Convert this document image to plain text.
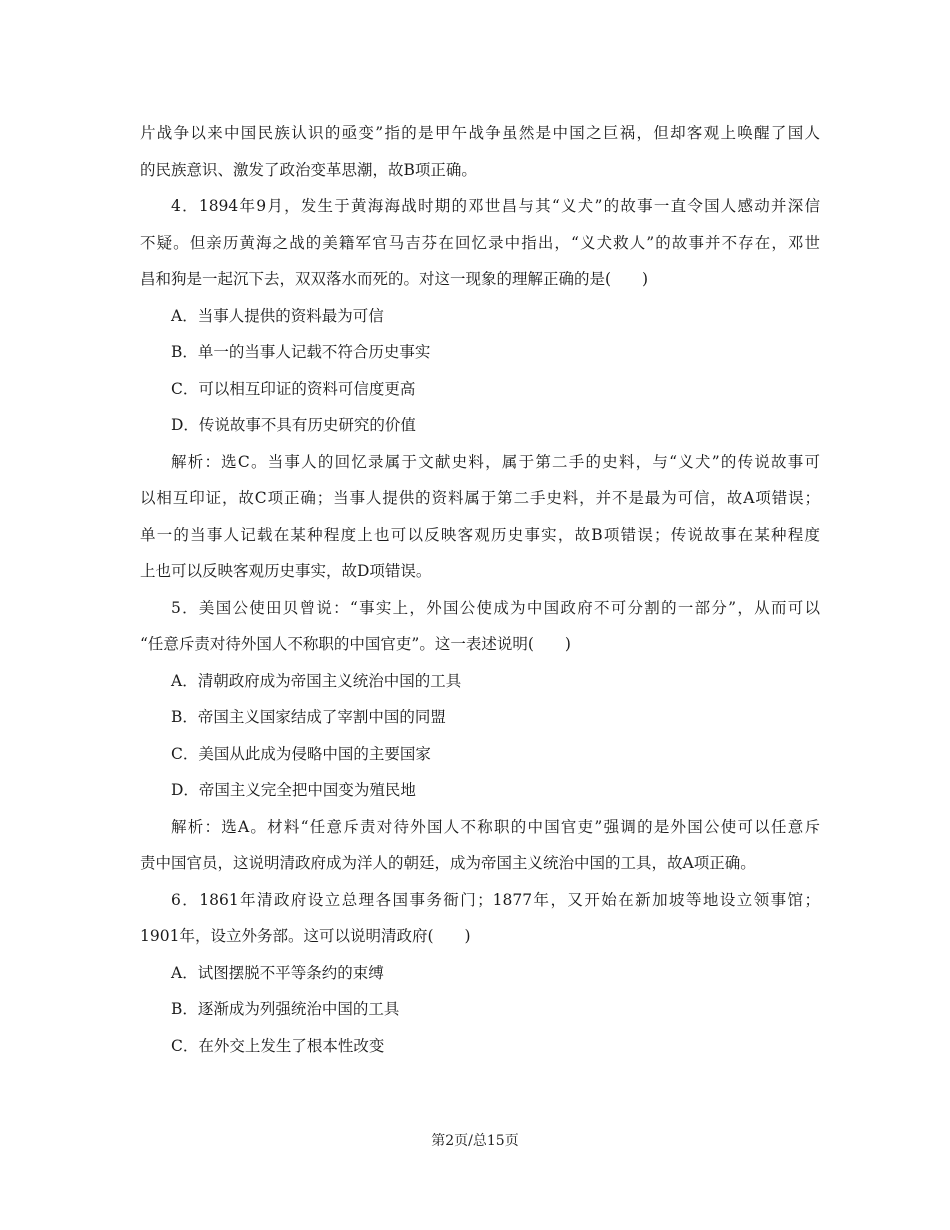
片战争以来中国民族认识的亟变”指的是甲午战争虽然是中国之巨祸，但却客观上唤醒了国人
的民族意识、激发了政治变革思潮，故B项正确。
4．1894年9月，发生于黄海海战时期的邓世昌与其“义犬”的故事一直令国人感动并深信
不疑。但亲历黄海之战的美籍军官马吉芬在回忆录中指出，“义犬救人”的故事并不存在，邓世
昌和狗是一起沉下去，双双落水而死的。对这一现象的理解正确的是(　　)
A．当事人提供的资料最为可信
B．单一的当事人记载不符合历史事实
C．可以相互印证的资料可信度更高
D．传说故事不具有历史研究的价值
解析：选C。当事人的回忆录属于文献史料，属于第二手的史料，与“义犬”的传说故事可
以相互印证，故C项正确；当事人提供的资料属于第二手史料，并不是最为可信，故A项错误；
单一的当事人记载在某种程度上也可以反映客观历史事实，故B项错误；传说故事在某种程度
上也可以反映客观历史事实，故D项错误。
5．美国公使田贝曾说：“事实上，外国公使成为中国政府不可分割的一部分”，从而可以
“任意斥责对待外国人不称职的中国官吏”。这一表述说明(　　)
A．清朝政府成为帝国主义统治中国的工具
B．帝国主义国家结成了宰割中国的同盟
C．美国从此成为侵略中国的主要国家
D．帝国主义完全把中国变为殖民地
解析：选A。材料“任意斥责对待外国人不称职的中国官吏”强调的是外国公使可以任意斥
责中国官员，这说明清政府成为洋人的朝廷，成为帝国主义统治中国的工具，故A项正确。
6．1861年清政府设立总理各国事务衙门；1877年，又开始在新加坡等地设立领事馆；
1901年，设立外务部。这可以说明清政府(　　)
A．试图摆脱不平等条约的束缚
B．逐渐成为列强统治中国的工具
C．在外交上发生了根本性改变
第2页/总15页
